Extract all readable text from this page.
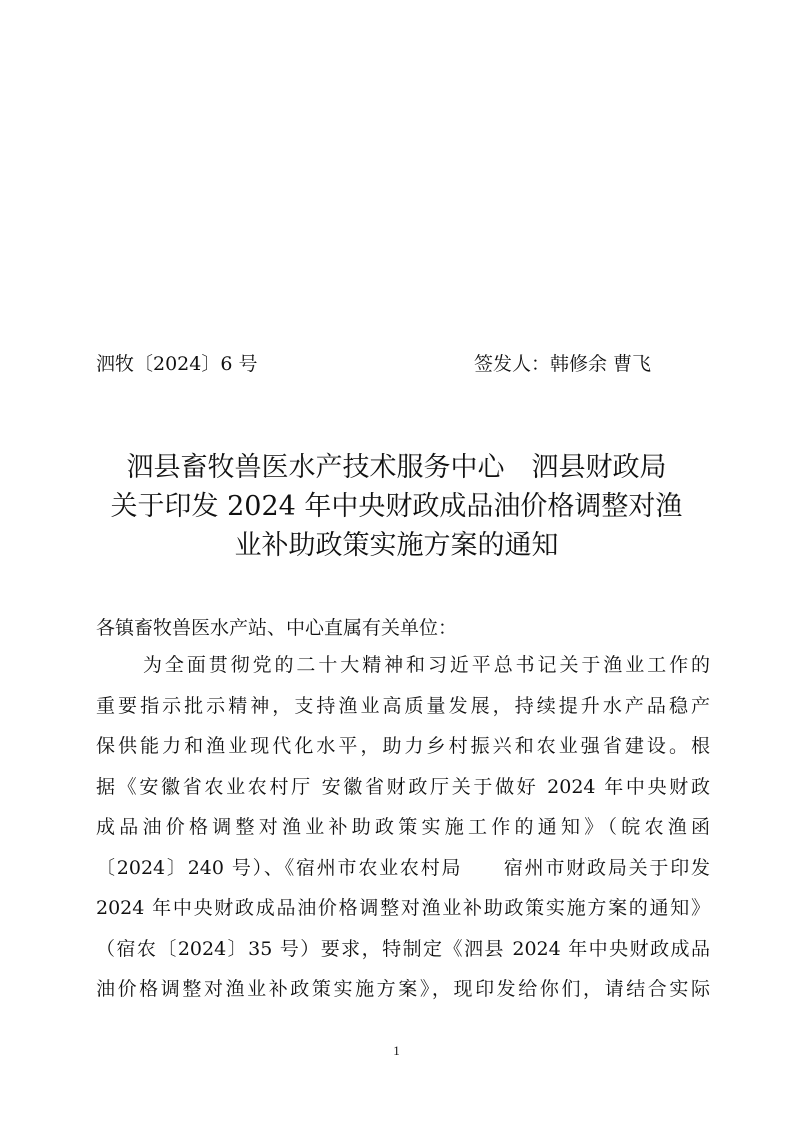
泗牧〔2024〕6 号	签发人：韩修余 曹飞
泗县畜牧兽医水产技术服务中心　泗县财政局
关于印发 2024 年中央财政成品油价格调整对渔
业补助政策实施方案的通知
各镇畜牧兽医水产站、中心直属有关单位：
为全面贯彻党的二十大精神和习近平总书记关于渔业工作的
重要指示批示精神，支持渔业高质量发展，持续提升水产品稳产
保供能力和渔业现代化水平，助力乡村振兴和农业强省建设。根
据《安徽省农业农村厅 安徽省财政厅关于做好 2024 年中央财政
成品油价格调整对渔业补助政策实施工作的通知》（皖农渔函
〔2024〕240 号）、《宿州市农业农村局　　宿州市财政局关于印发
2024 年中央财政成品油价格调整对渔业补助政策实施方案的通知》
（宿农〔2024〕35 号）要求，特制定《泗县 2024 年中央财政成品
油价格调整对渔业补政策实施方案》，现印发给你们，请结合实际
1
